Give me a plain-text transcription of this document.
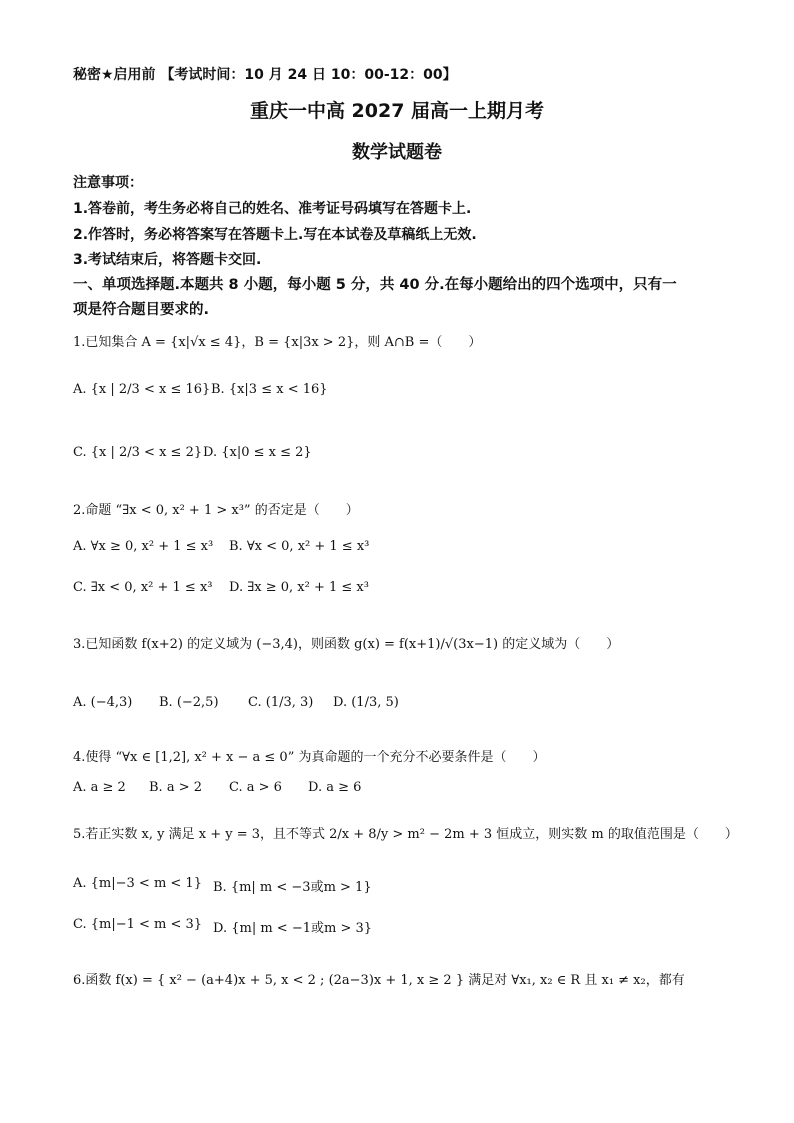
秘密★启用前 【考试时间：10 月 24 日 10：00-12：00】
重庆一中高 2027 届高一上期月考
数学试题卷
注意事项：
1.答卷前，考生务必将自己的姓名、准考证号码填写在答题卡上.
2.作答时，务必将答案写在答题卡上.写在本试卷及草稿纸上无效.
3.考试结束后，将答题卡交回.
一、单项选择题.本题共 8 小题，每小题 5 分，共 40 分.在每小题给出的四个选项中，只有一
项是符合题目要求的.
1.已知集合 A = {x|√x ≤ 4}，B = {x|3x > 2}，则 A∩B =（　　）
A. {x | 2/3 < x ≤ 16} B. {x|3 ≤ x < 16}
C. {x | 2/3 < x ≤ 2} D. {x|0 ≤ x ≤ 2}
2.命题 “∃x < 0, x² + 1 > x³” 的否定是（　　）
A. ∀x ≥ 0, x² + 1 ≤ x³ B. ∀x < 0, x² + 1 ≤ x³
C. ∃x < 0, x² + 1 ≤ x³ D. ∃x ≥ 0, x² + 1 ≤ x³
3.已知函数 f(x+2) 的定义域为 (−3,4)，则函数 g(x) = f(x+1)/√(3x−1) 的定义域为（　　）
A. (−4,3) B. (−2,5) C. (1/3, 3) D. (1/3, 5)
4.使得 “∀x ∈ [1,2], x² + x − a ≤ 0” 为真命题的一个充分不必要条件是（　　）
A. a ≥ 2 B. a > 2 C. a > 6 D. a ≥ 6
5.若正实数 x, y 满足 x + y = 3，且不等式 2/x + 8/y > m² − 2m + 3 恒成立，则实数 m 的取值范围是（　　）
A. {m|−3 < m < 1} B. {m| m < −3或m > 1}
C. {m|−1 < m < 3} D. {m| m < −1或m > 3}
6.函数 f(x) = { x² − (a+4)x + 5, x < 2 ; (2a−3)x + 1, x ≥ 2 } 满足对 ∀x₁, x₂ ∈ R 且 x₁ ≠ x₂，都有
